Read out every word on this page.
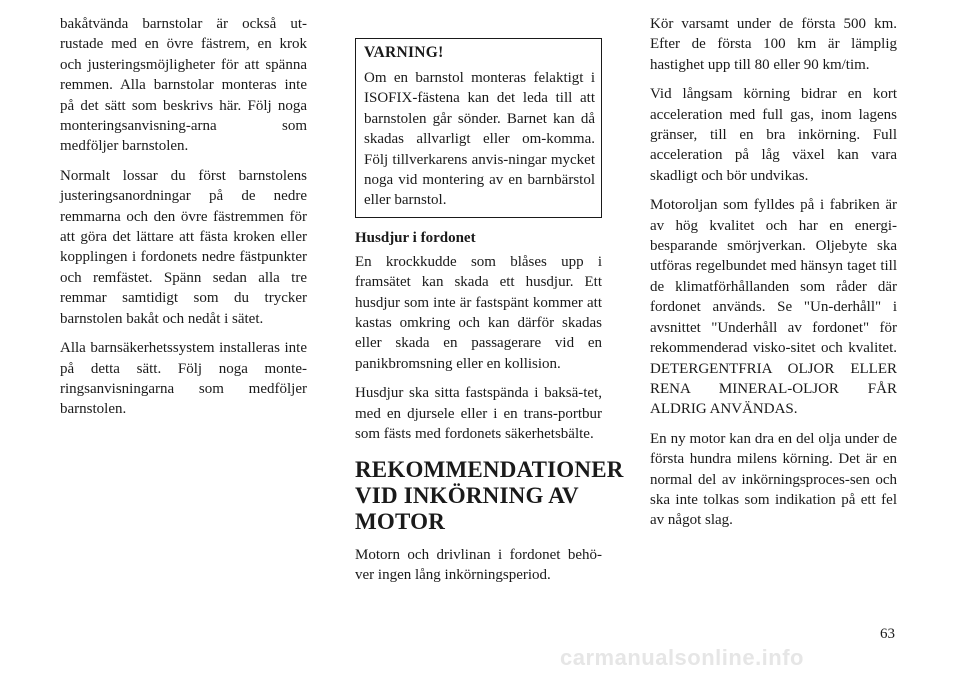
bakåtvända barnstolar är också ut-rustade med en övre fästrem, en krok och justeringsmöjligheter för att spänna remmen. Alla barnstolar monteras inte på det sätt som beskrivs här. Följ noga monteringsanvisning-arna som medföljer barnstolen.

Normalt lossar du först barnstolens justeringsanordningar på de nedre remmarna och den övre fästremmen för att göra det lättare att fästa kroken eller kopplingen i fordonets nedre fästpunkter och remfästet. Spänn sedan alla tre remmar samtidigt som du trycker barnstolen bakåt och nedåt i sätet.

Alla barnsäkerhetssystem installeras inte på detta sätt. Följ noga monte-ringsanvisningarna som medföljer barnstolen.

VARNING!

Om en barnstol monteras felaktigt i ISOFIX-fästena kan det leda till att barnstolen går sönder. Barnet kan då skadas allvarligt eller om-komma. Följ tillverkarens anvis-ningar mycket noga vid montering av en barnbärstol eller barnstol.

Husdjur i fordonet

En krockkudde som blåses upp i framsätet kan skada ett husdjur. Ett husdjur som inte är fastspänt kommer att kastas omkring och kan därför skadas eller skada en passagerare vid en panikbromsning eller en kollision.

Husdjur ska sitta fastspända i baksä-tet, med en djursele eller i en trans-portbur som fästs med fordonets säkerhetsbälte.

REKOMMENDATIONER VID INKÖRNING AV MOTOR

Motorn och drivlinan i fordonet behö-ver ingen lång inkörningsperiod.

Kör varsamt under de första 500 km. Efter de första 100 km är lämplig hastighet upp till 80 eller 90 km/tim.

Vid långsam körning bidrar en kort acceleration med full gas, inom lagens gränser, till en bra inkörning. Full acceleration på låg växel kan vara skadligt och bör undvikas.

Motoroljan som fylldes på i fabriken är av hög kvalitet och har en energi-besparande smörjverkan. Oljebyte ska utföras regelbundet med hänsyn taget till de klimatförhållanden som råder där fordonet används. Se "Un-derhåll" i avsnittet "Underhåll av fordonet" för rekommenderad visko-sitet och kvalitet. DETERGENTFRIA OLJOR ELLER RENA MINERAL-OLJOR FÅR ALDRIG ANVÄNDAS.

En ny motor kan dra en del olja under de första hundra milens körning. Det är en normal del av inkörningsproces-sen och ska inte tolkas som indikation på ett fel av något slag.

63
carmanualsonline.info
